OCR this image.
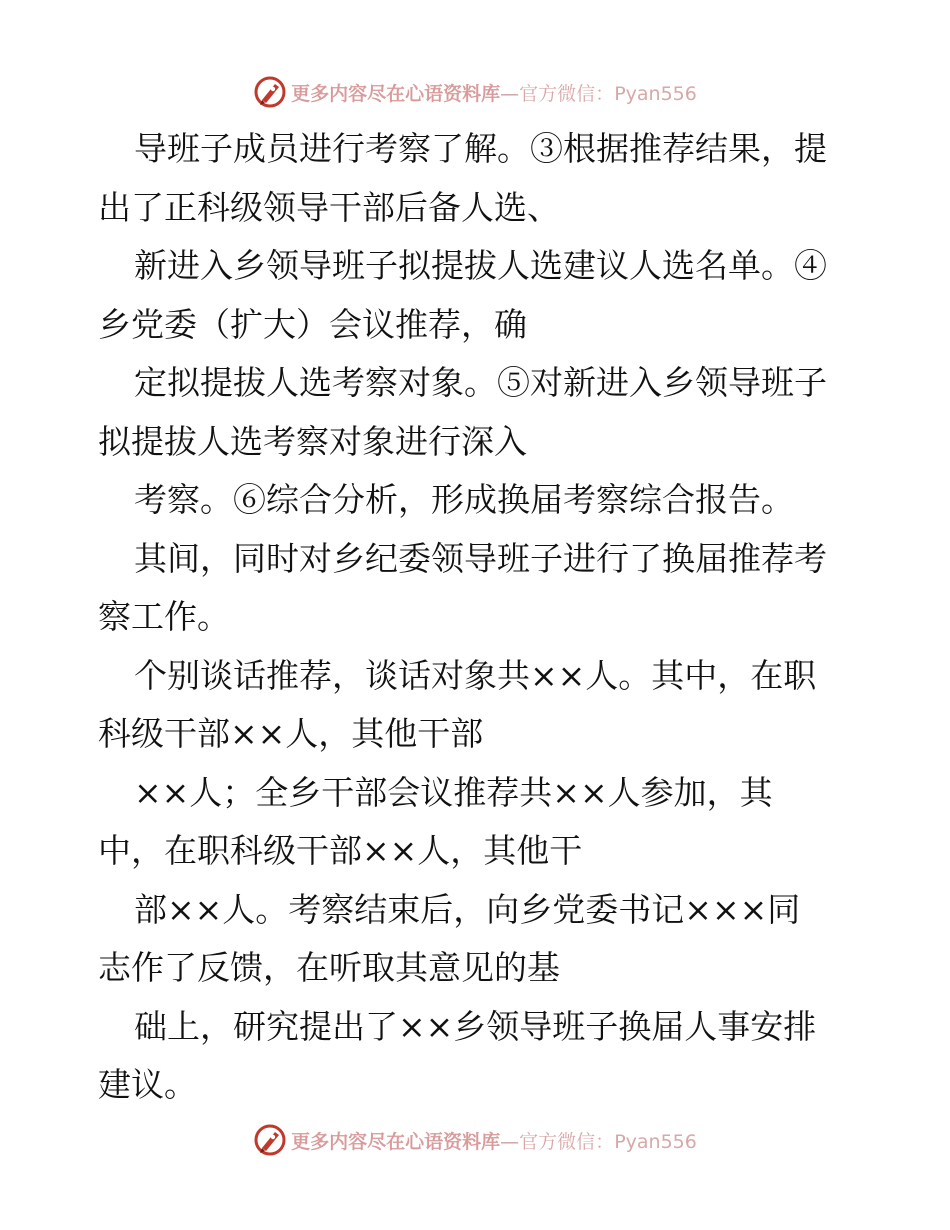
更多内容尽在心语资料库—官方微信：Pyan556
导班子成员进行考察了解。③根据推荐结果，提
出了正科级领导干部后备人选、
新进入乡领导班子拟提拔人选建议人选名单。④
乡党委（扩大）会议推荐，确
定拟提拔人选考察对象。⑤对新进入乡领导班子
拟提拔人选考察对象进行深入
考察。⑥综合分析，形成换届考察综合报告。
其间，同时对乡纪委领导班子进行了换届推荐考
察工作。
个别谈话推荐，谈话对象共××人。其中，在职
科级干部××人，其他干部
××人；全乡干部会议推荐共××人参加，其
中，在职科级干部××人，其他干
部××人。考察结束后，向乡党委书记×××同
志作了反馈，在听取其意见的基
础上，研究提出了××乡领导班子换届人事安排
建议。
更多内容尽在心语资料库—官方微信：Pyan556
